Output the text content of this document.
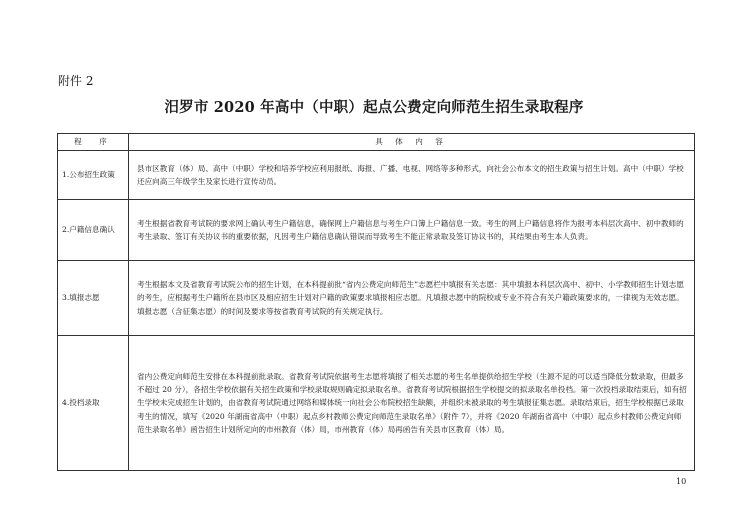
附件 2
汨罗市 2020 年高中（中职）起点公费定向师范生招生录取程序
程　序	具 体 内 容
1.公布招生政策	县市区教育（体）局、高中（中职）学校和培养学校应利用报纸、海报、广播、电视、网络等多种形式，向社会公布本文的招生政策与招生计划。高中（中职）学校还应向高三年级学生及家长进行宣传动员。
2.户籍信息确认	考生根据省教育考试院的要求网上确认考生户籍信息，确保网上户籍信息与考生户口簿上户籍信息一致。考生的网上户籍信息将作为报考本科层次高中、初中教师的考生录取、签订有关协议书的重要依据，凡因考生户籍信息确认错误而导致考生不能正常录取及签订协议书的，其结果由考生本人负责。
3.填报志愿	考生根据本文及省教育考试院公布的招生计划，在本科提前批“省内公费定向师范生”志愿栏中填报有关志愿：其中填报本科层次高中、初中、小学教师招生计划志愿的考生，应根据考生户籍所在县市区及相应招生计划对户籍的政策要求填报相应志愿。凡填报志愿中的院校或专业不符合有关户籍政策要求的，一律视为无效志愿。填报志愿（含征集志愿）的时间及要求等按省教育考试院的有关规定执行。
4.投档录取	省内公费定向师范生安排在本科提前批录取。省教育考试院依据考生志愿将填报了相关志愿的考生名单提供给招生学校（生源不足的可以适当降低分数录取，但最多不超过 20 分），各招生学校依据有关招生政策和学校录取规则确定拟录取名单。省教育考试院根据招生学校提交的拟录取名单投档。第一次投档录取结束后，如有招生学校未完成招生计划的，由省教育考试院通过网络和媒体统一向社会公布院校招生缺额，并组织未被录取的考生填报征集志愿。录取结束后，招生学校根据已录取考生的情况，填写《2020 年湖南省高中（中职）起点乡村教师公费定向师范生录取名单》（附件 7），并将《2020 年湖南省高中（中职）起点乡村教师公费定向师范生录取名单》函告招生计划所定向的市州教育（体）局，市州教育（体）局再函告有关县市区教育（体）局。
10
